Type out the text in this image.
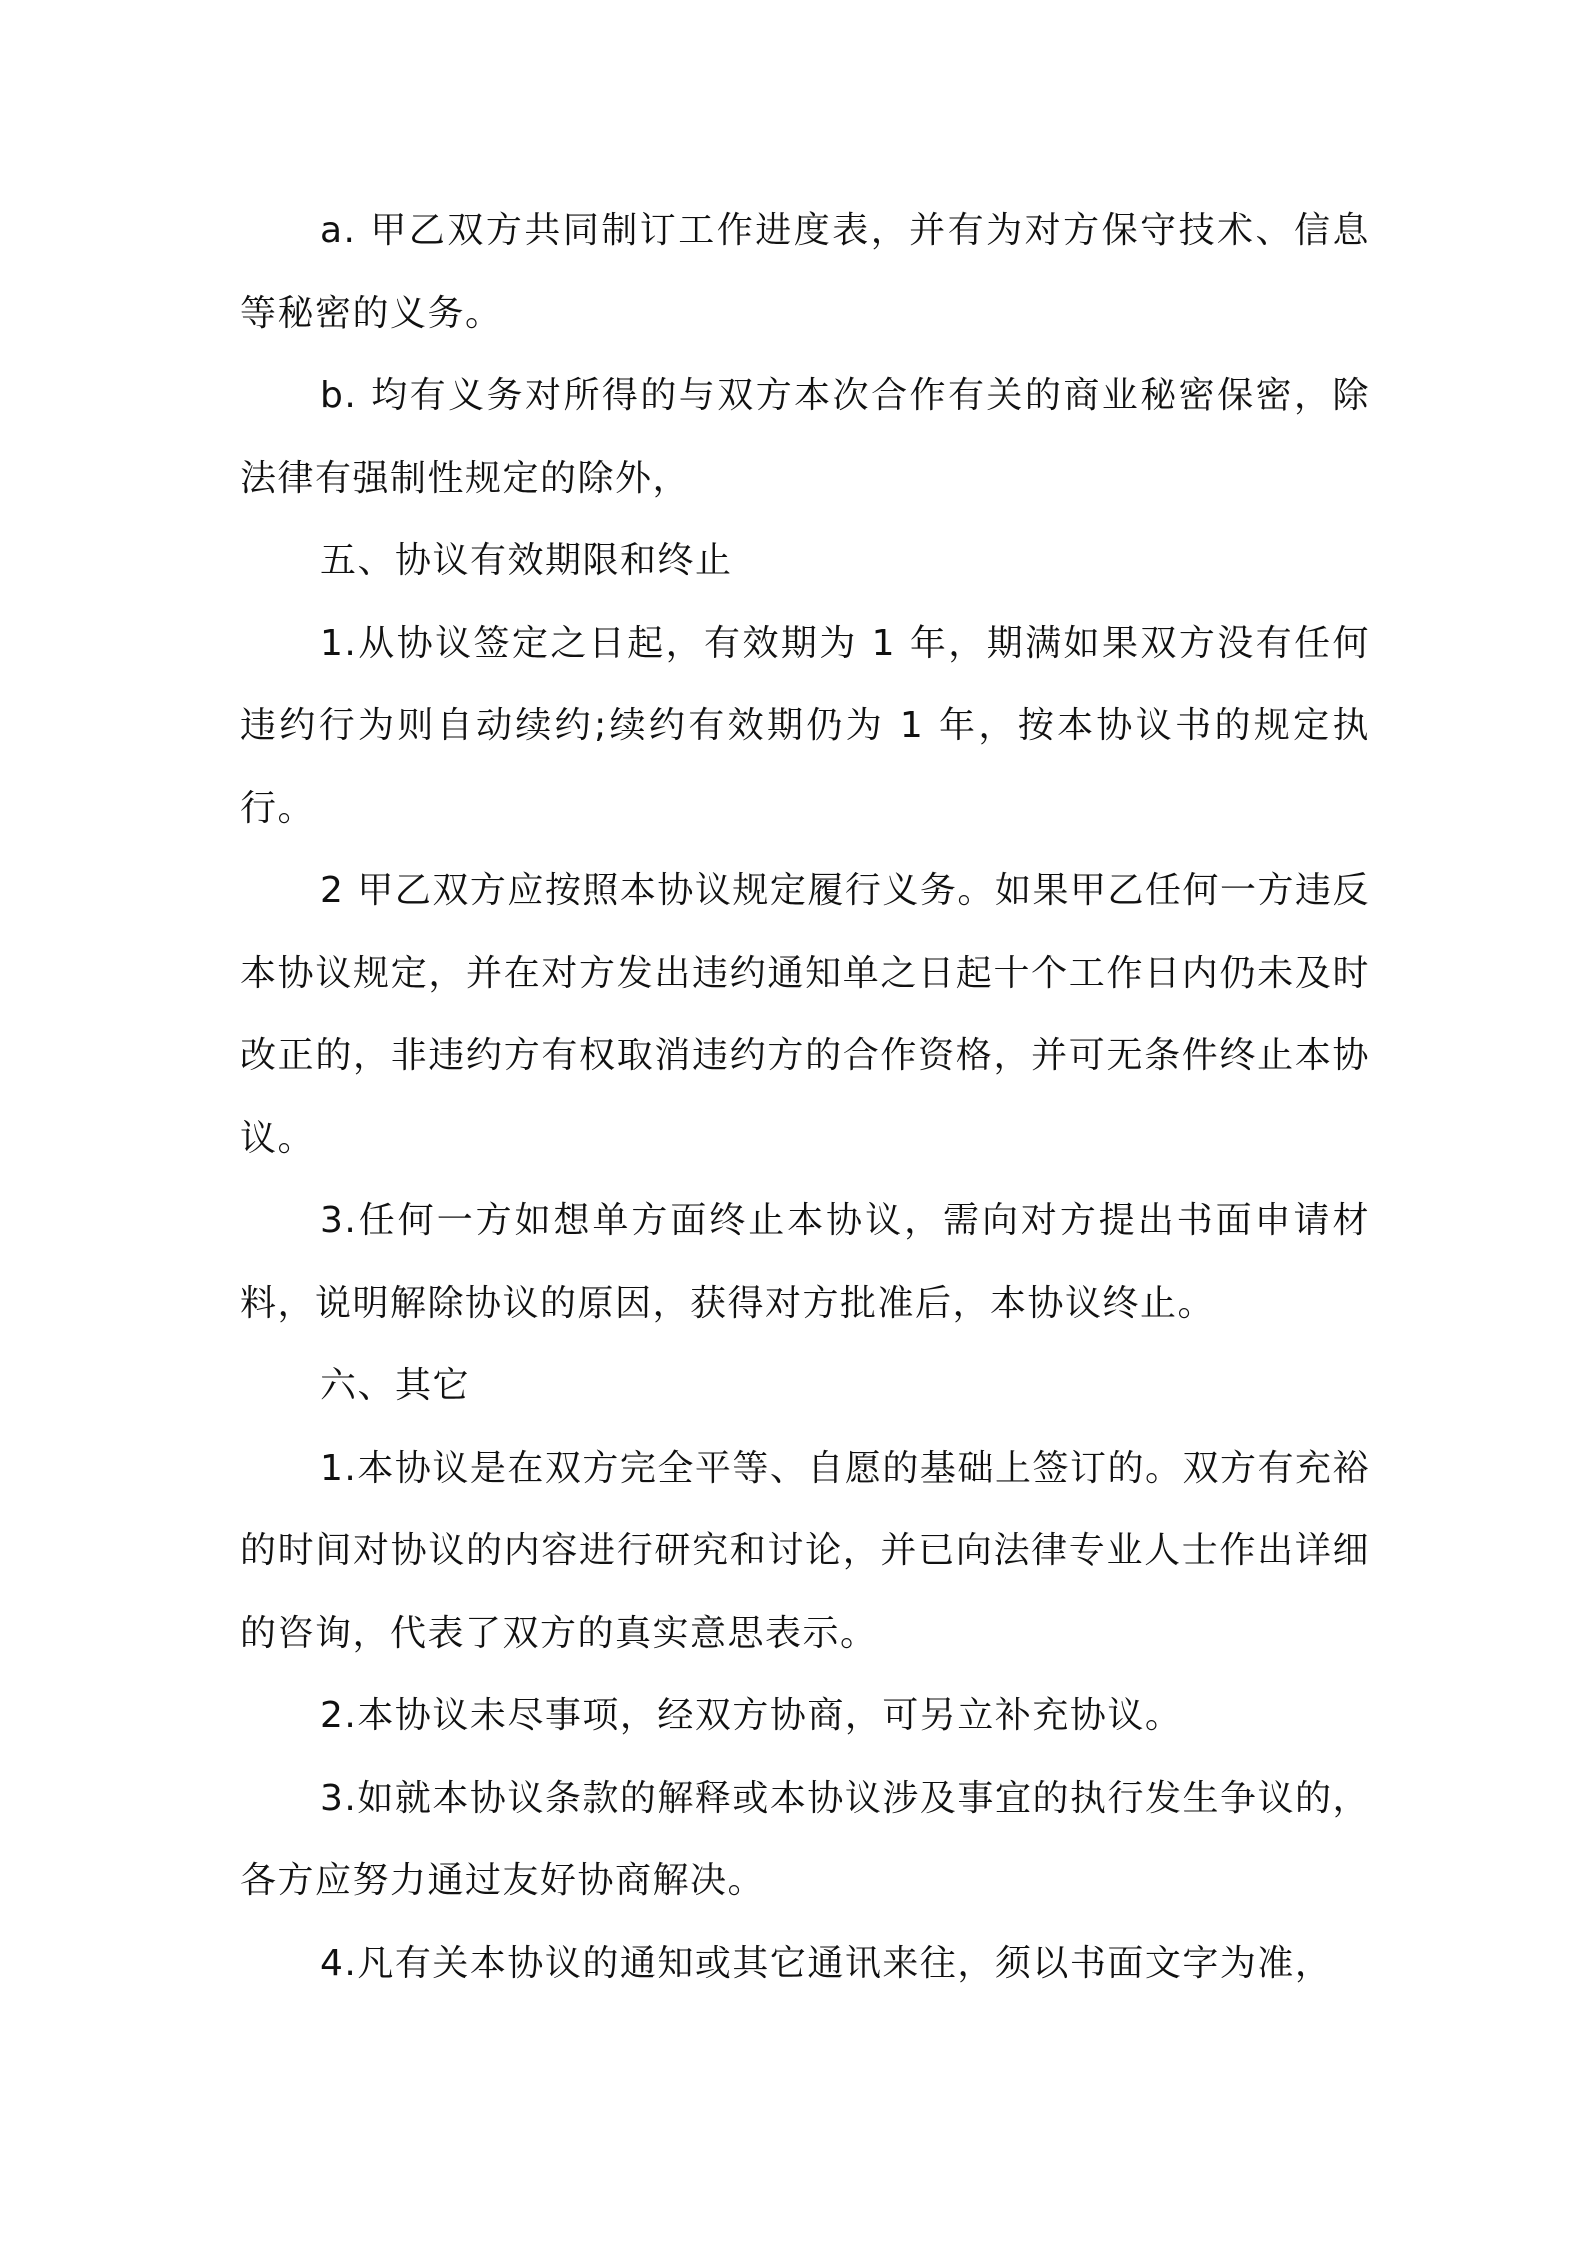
a. 甲乙双方共同制订工作进度表，并有为对方保守技术、信息等秘密的义务。

b. 均有义务对所得的与双方本次合作有关的商业秘密保密，除法律有强制性规定的除外，

五、协议有效期限和终止

1.从协议签定之日起，有效期为 1 年，期满如果双方没有任何违约行为则自动续约;续约有效期仍为 1 年，按本协议书的规定执行。

2 甲乙双方应按照本协议规定履行义务。如果甲乙任何一方违反本协议规定，并在对方发出违约通知单之日起十个工作日内仍未及时改正的，非违约方有权取消违约方的合作资格，并可无条件终止本协议。

3.任何一方如想单方面终止本协议，需向对方提出书面申请材料，说明解除协议的原因，获得对方批准后，本协议终止。

六、其它

1.本协议是在双方完全平等、自愿的基础上签订的。双方有充裕的时间对协议的内容进行研究和讨论，并已向法律专业人士作出详细的咨询，代表了双方的真实意思表示。

2.本协议未尽事项，经双方协商，可另立补充协议。

3.如就本协议条款的解释或本协议涉及事宜的执行发生争议的，各方应努力通过友好协商解决。

4.凡有关本协议的通知或其它通讯来往，须以书面文字为准，
